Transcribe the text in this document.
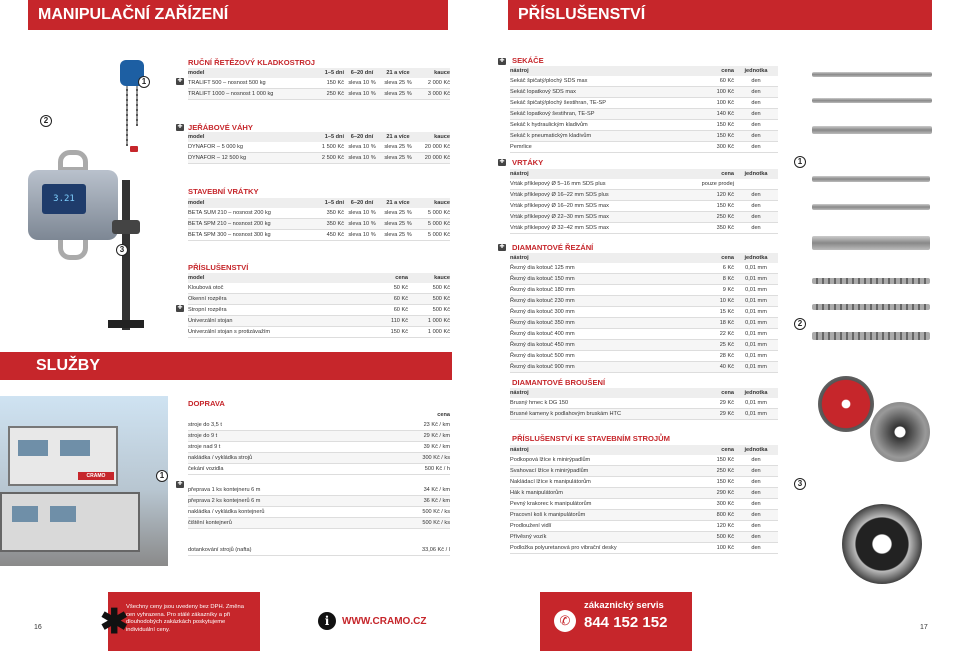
MANIPULAČNÍ ZAŘÍZENÍ	PŘÍSLUŠENSTVÍ
1
3.21
2
3
SLUŽBY
CRAMO	1
RUČNÍ ŘETĚZOVÝ KLADKOSTROJ
✚
model	1–5 dní	6–20 dní	21 a více	kauce
TRALIFT 500 – nosnost 500 kg	150 Kč sleva 10 %	sleva 25 %	2 000 Kč
TRALIFT 1000 – nosnost 1 000 kg	250 Kč sleva 10 %	sleva 25 %	3 000 Kč
✚ JEŘÁBOVÉ VÁHY
model	1–5 dní	6–20 dní	21 a více	kauce
DYNAFOR – 5 000 kg	1 500 Kč sleva 10 %	sleva 25 %	20 000 Kč
DYNAFOR – 12 500 kg	2 500 Kč sleva 10 %	sleva 25 %	20 000 Kč
STAVEBNÍ VRÁTKY
model	1–5 dní	6–20 dní	21 a více	kauce
BETA SUM 210 – nosnost 200 kg	350 Kč sleva 10 %	sleva 25 %	5 000 Kč
BETA SPM 210 – nosnost 200 kg	350 Kč sleva 10 %	sleva 25 %	5 000 Kč
BETA SPM 300 – nosnost 300 kg	450 Kč sleva 10 %	sleva 25 %	5 000 Kč
PŘÍSLUŠENSTVÍ
✚
model	cena	kauce
Kloubová otoč	50 Kč	500 Kč
Okenní rozpěra	60 Kč	500 Kč
Stropní rozpěra	60 Kč	500 Kč
Univerzální stojan	110 Kč	1 000 Kč
Univerzální stojan s protizávažím	150 Kč	1 000 Kč
DOPRAVA
cena
stroje do 3,5 t	23 Kč / km
stroje do 9 t	29 Kč / km
stroje nad 9 t	39 Kč / km
nakládka / vykládka strojů	300 Kč / ks
čekání vozidla	500 Kč / h
přeprava 1 ks kontejneru 6 m	34 Kč / km
přeprava 2 ks kontejnerů 6 m	36 Kč / km
nakládka / vykládka kontejnerů	500 Kč / ks
čištění kontejnerů	500 Kč / ks
dotankování strojů (nafta)	33,06 Kč / l
✚
✚ SEKÁČE
nástroj	cena	jednotka
Sekáč špičatý/plochý SDS max	60 Kč	den
Sekáč lopatkový SDS max	100 Kč	den
Sekáč špičatý/plochý šestihran, TE-SP	100 Kč	den
Sekáč lopatkový šestihran, TE-SP	140 Kč	den
Sekáč k hydraulickým kladivům	150 Kč	den
Sekáč k pneumatickým kladivům	150 Kč	den
Pemrlice	300 Kč	den
✚ VRTÁKY
nástroj	cena	jednotka
Vrták příklepový Ø 5–16 mm SDS plus	pouze prodej
Vrták příklepový Ø 16–22 mm SDS plus	120 Kč	den
Vrták příklepový Ø 16–20 mm SDS max	150 Kč	den
Vrták příklepový Ø 22–30 mm SDS max	250 Kč	den
Vrták příklepový Ø 32–42 mm SDS max	350 Kč	den
✚ DIAMANTOVÉ ŘEZÁNÍ
nástroj	cena	jednotka
Řezný dia kotouč 125 mm	6 Kč	0,01 mm
Řezný dia kotouč 150 mm	8 Kč	0,01 mm
Řezný dia kotouč 180 mm	9 Kč	0,01 mm
Řezný dia kotouč 230 mm	10 Kč	0,01 mm
Řezný dia kotouč 300 mm	15 Kč	0,01 mm
Řezný dia kotouč 350 mm	18 Kč	0,01 mm
Řezný dia kotouč 400 mm	22 Kč	0,01 mm
Řezný dia kotouč 450 mm	25 Kč	0,01 mm
Řezný dia kotouč 500 mm	28 Kč	0,01 mm
Řezný dia kotouč 900 mm	40 Kč	0,01 mm
DIAMANTOVÉ BROUŠENÍ
nástroj	cena	jednotka
Brusný hrnec k DG 150	29 Kč	0,01 mm
Brusné kameny k podlahovým bruskám HTC	29 Kč	0,01 mm
PŘÍSLUŠENSTVÍ KE STAVEBNÍM STROJŮM
nástroj	cena	jednotka
Podkopová lžíce k minirýpadlům	150 Kč	den
Svahovací lžíce k minirýpadlům	250 Kč	den
Nakládací lžíce k manipulátorům	150 Kč	den
Hák k manipulátorům	290 Kč	den
Pevný krakorec k manipulátorům	300 Kč	den
Pracovní koš k manipulátorům	800 Kč	den
Prodloužení vidlí	120 Kč	den
Přívěsný vozík	500 Kč	den
Podložka polyuretanová pro vibrační desky	100 Kč	den
1
2
3
16 ✱
Všechny ceny jsou uvedeny bez DPH. Změna cen vyhrazena. Pro stálé zákazníky a při dlouhodobých zakázkách poskytujeme individuální ceny.
i	WWW.CRAMO.CZ	✆
zákaznický servis
844 152 152	17
